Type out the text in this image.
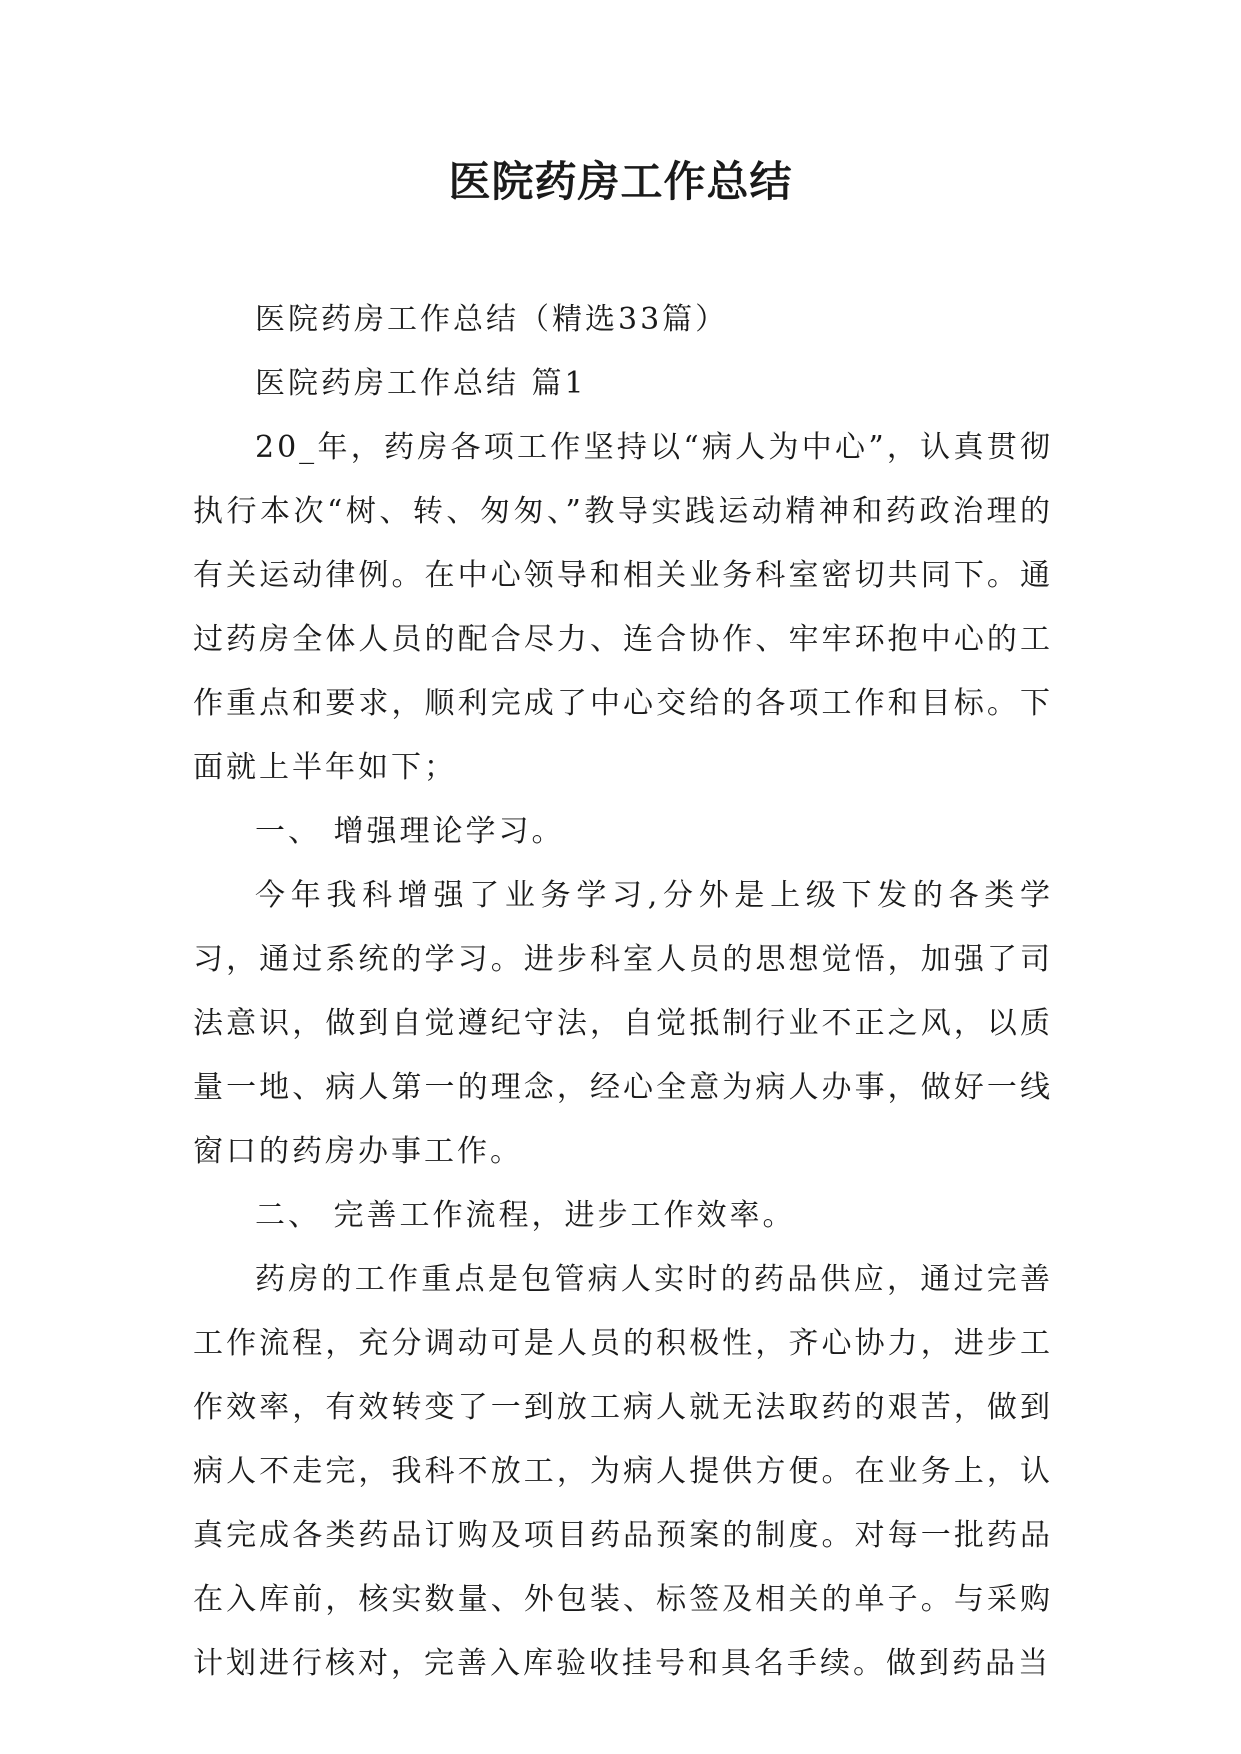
医院药房工作总结

医院药房工作总结（精选33篇）

医院药房工作总结 篇1

20_年，药房各项工作坚持以“病人为中心”，认真贯彻执行本次“树、转、匆匆、”教导实践运动精神和药政治理的有关运动律例。在中心领导和相关业务科室密切共同下。通过药房全体人员的配合尽力、连合协作、牢牢环抱中心的工作重点和要求，顺利完成了中心交给的各项工作和目标。下面就上半年如下；

一、 增强理论学习。

今年我科增强了业务学习,分外是上级下发的各类学习，通过系统的学习。进步科室人员的思想觉悟，加强了司法意识，做到自觉遵纪守法，自觉抵制行业不正之风，以质量一地、病人第一的理念，经心全意为病人办事，做好一线窗口的药房办事工作。

二、 完善工作流程，进步工作效率。

药房的工作重点是包管病人实时的药品供应，通过完善工作流程，充分调动可是人员的积极性，齐心协力，进步工作效率，有效转变了一到放工病人就无法取药的艰苦，做到病人不走完，我科不放工，为病人提供方便。在业务上，认真完成各类药品订购及项目药品预案的制度。对每一批药品在入库前，核实数量、外包装、标签及相关的单子。与采购计划进行核对，完善入库验收挂号和具名手续。做到药品当
